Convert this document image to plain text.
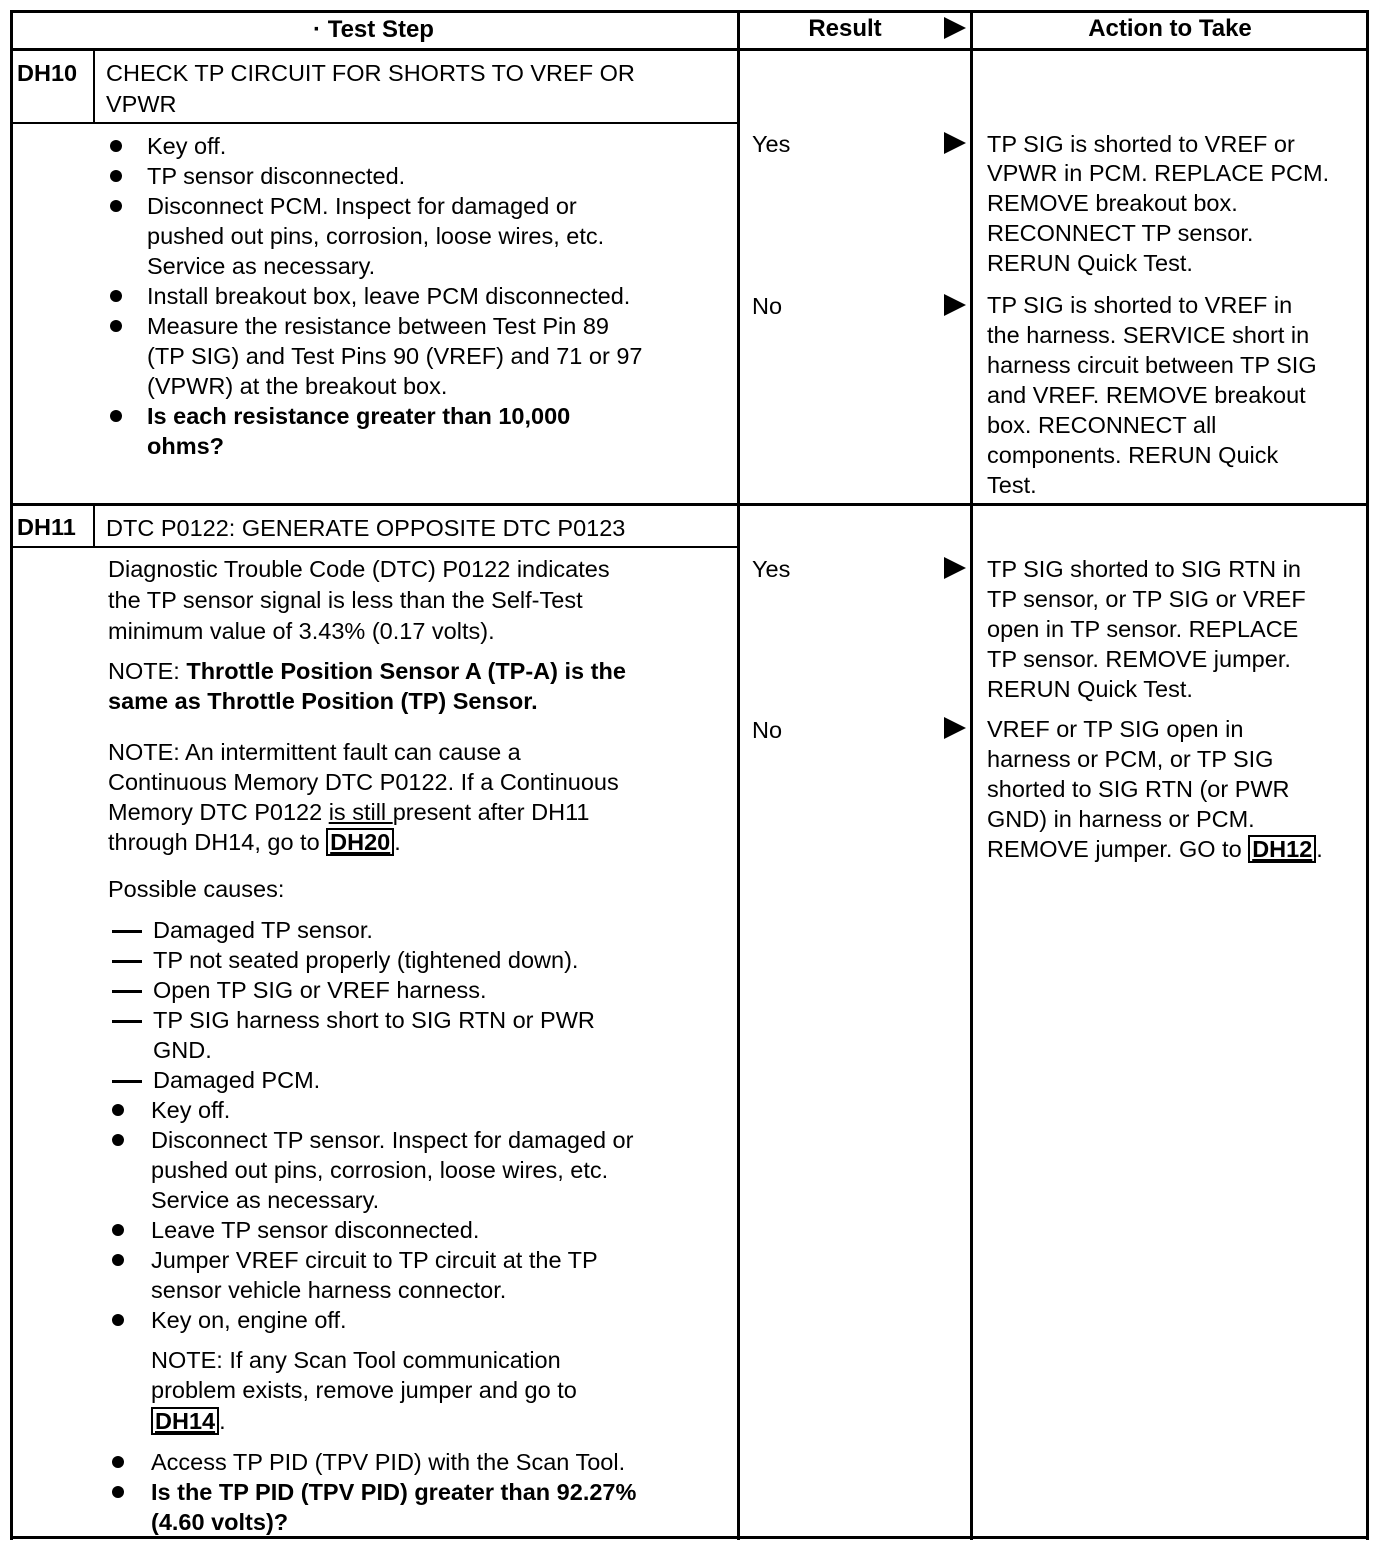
· Test Step	Result	Action to Take
DH10 CHECK TP CIRCUIT FOR SHORTS TO VREF OR
VPWR
Key off.
TP sensor disconnected.
Disconnect PCM. Inspect for damaged or
pushed out pins, corrosion, loose wires, etc.
Service as necessary.
Install breakout box, leave PCM disconnected.
Measure the resistance between Test Pin 89
(TP SIG) and Test Pins 90 (VREF) and 71 or 97
(VPWR) at the breakout box.
Is each resistance greater than 10,000
ohms?
Yes
No
TP SIG is shorted to VREF or
VPWR in PCM. REPLACE PCM.
REMOVE breakout box.
RECONNECT TP sensor.
RERUN Quick Test.
TP SIG is shorted to VREF in
the harness. SERVICE short in
harness circuit between TP SIG
and VREF. REMOVE breakout
box. RECONNECT all
components. RERUN Quick
Test.
DH11 DTC P0122: GENERATE OPPOSITE DTC P0123
Diagnostic Trouble Code (DTC) P0122 indicates
the TP sensor signal is less than the Self-Test
minimum value of 3.43% (0.17 volts).
NOTE: Throttle Position Sensor A (TP-A) is the
same as Throttle Position (TP) Sensor.
NOTE: An intermittent fault can cause a
Continuous Memory DTC P0122. If a Continuous
Memory DTC P0122 is still present after DH11
through DH14, go to DH20 .
Possible causes:
Damaged TP sensor.
TP not seated properly (tightened down).
Open TP SIG or VREF harness.
TP SIG harness short to SIG RTN or PWR
GND.
Damaged PCM.
Key off.
Disconnect TP sensor. Inspect for damaged or
pushed out pins, corrosion, loose wires, etc.
Service as necessary.
Leave TP sensor disconnected.
Jumper VREF circuit to TP circuit at the TP
sensor vehicle harness connector.
Key on, engine off.
NOTE: If any Scan Tool communication
problem exists, remove jumper and go to
DH14 .
Access TP PID (TPV PID) with the Scan Tool.
Is the TP PID (TPV PID) greater than 92.27%
(4.60 volts)?
Yes
No
TP SIG shorted to SIG RTN in
TP sensor, or TP SIG or VREF
open in TP sensor. REPLACE
TP sensor. REMOVE jumper.
RERUN Quick Test.
VREF or TP SIG open in
harness or PCM, or TP SIG
shorted to SIG RTN (or PWR
GND) in harness or PCM.
REMOVE jumper. GO to DH12 .
